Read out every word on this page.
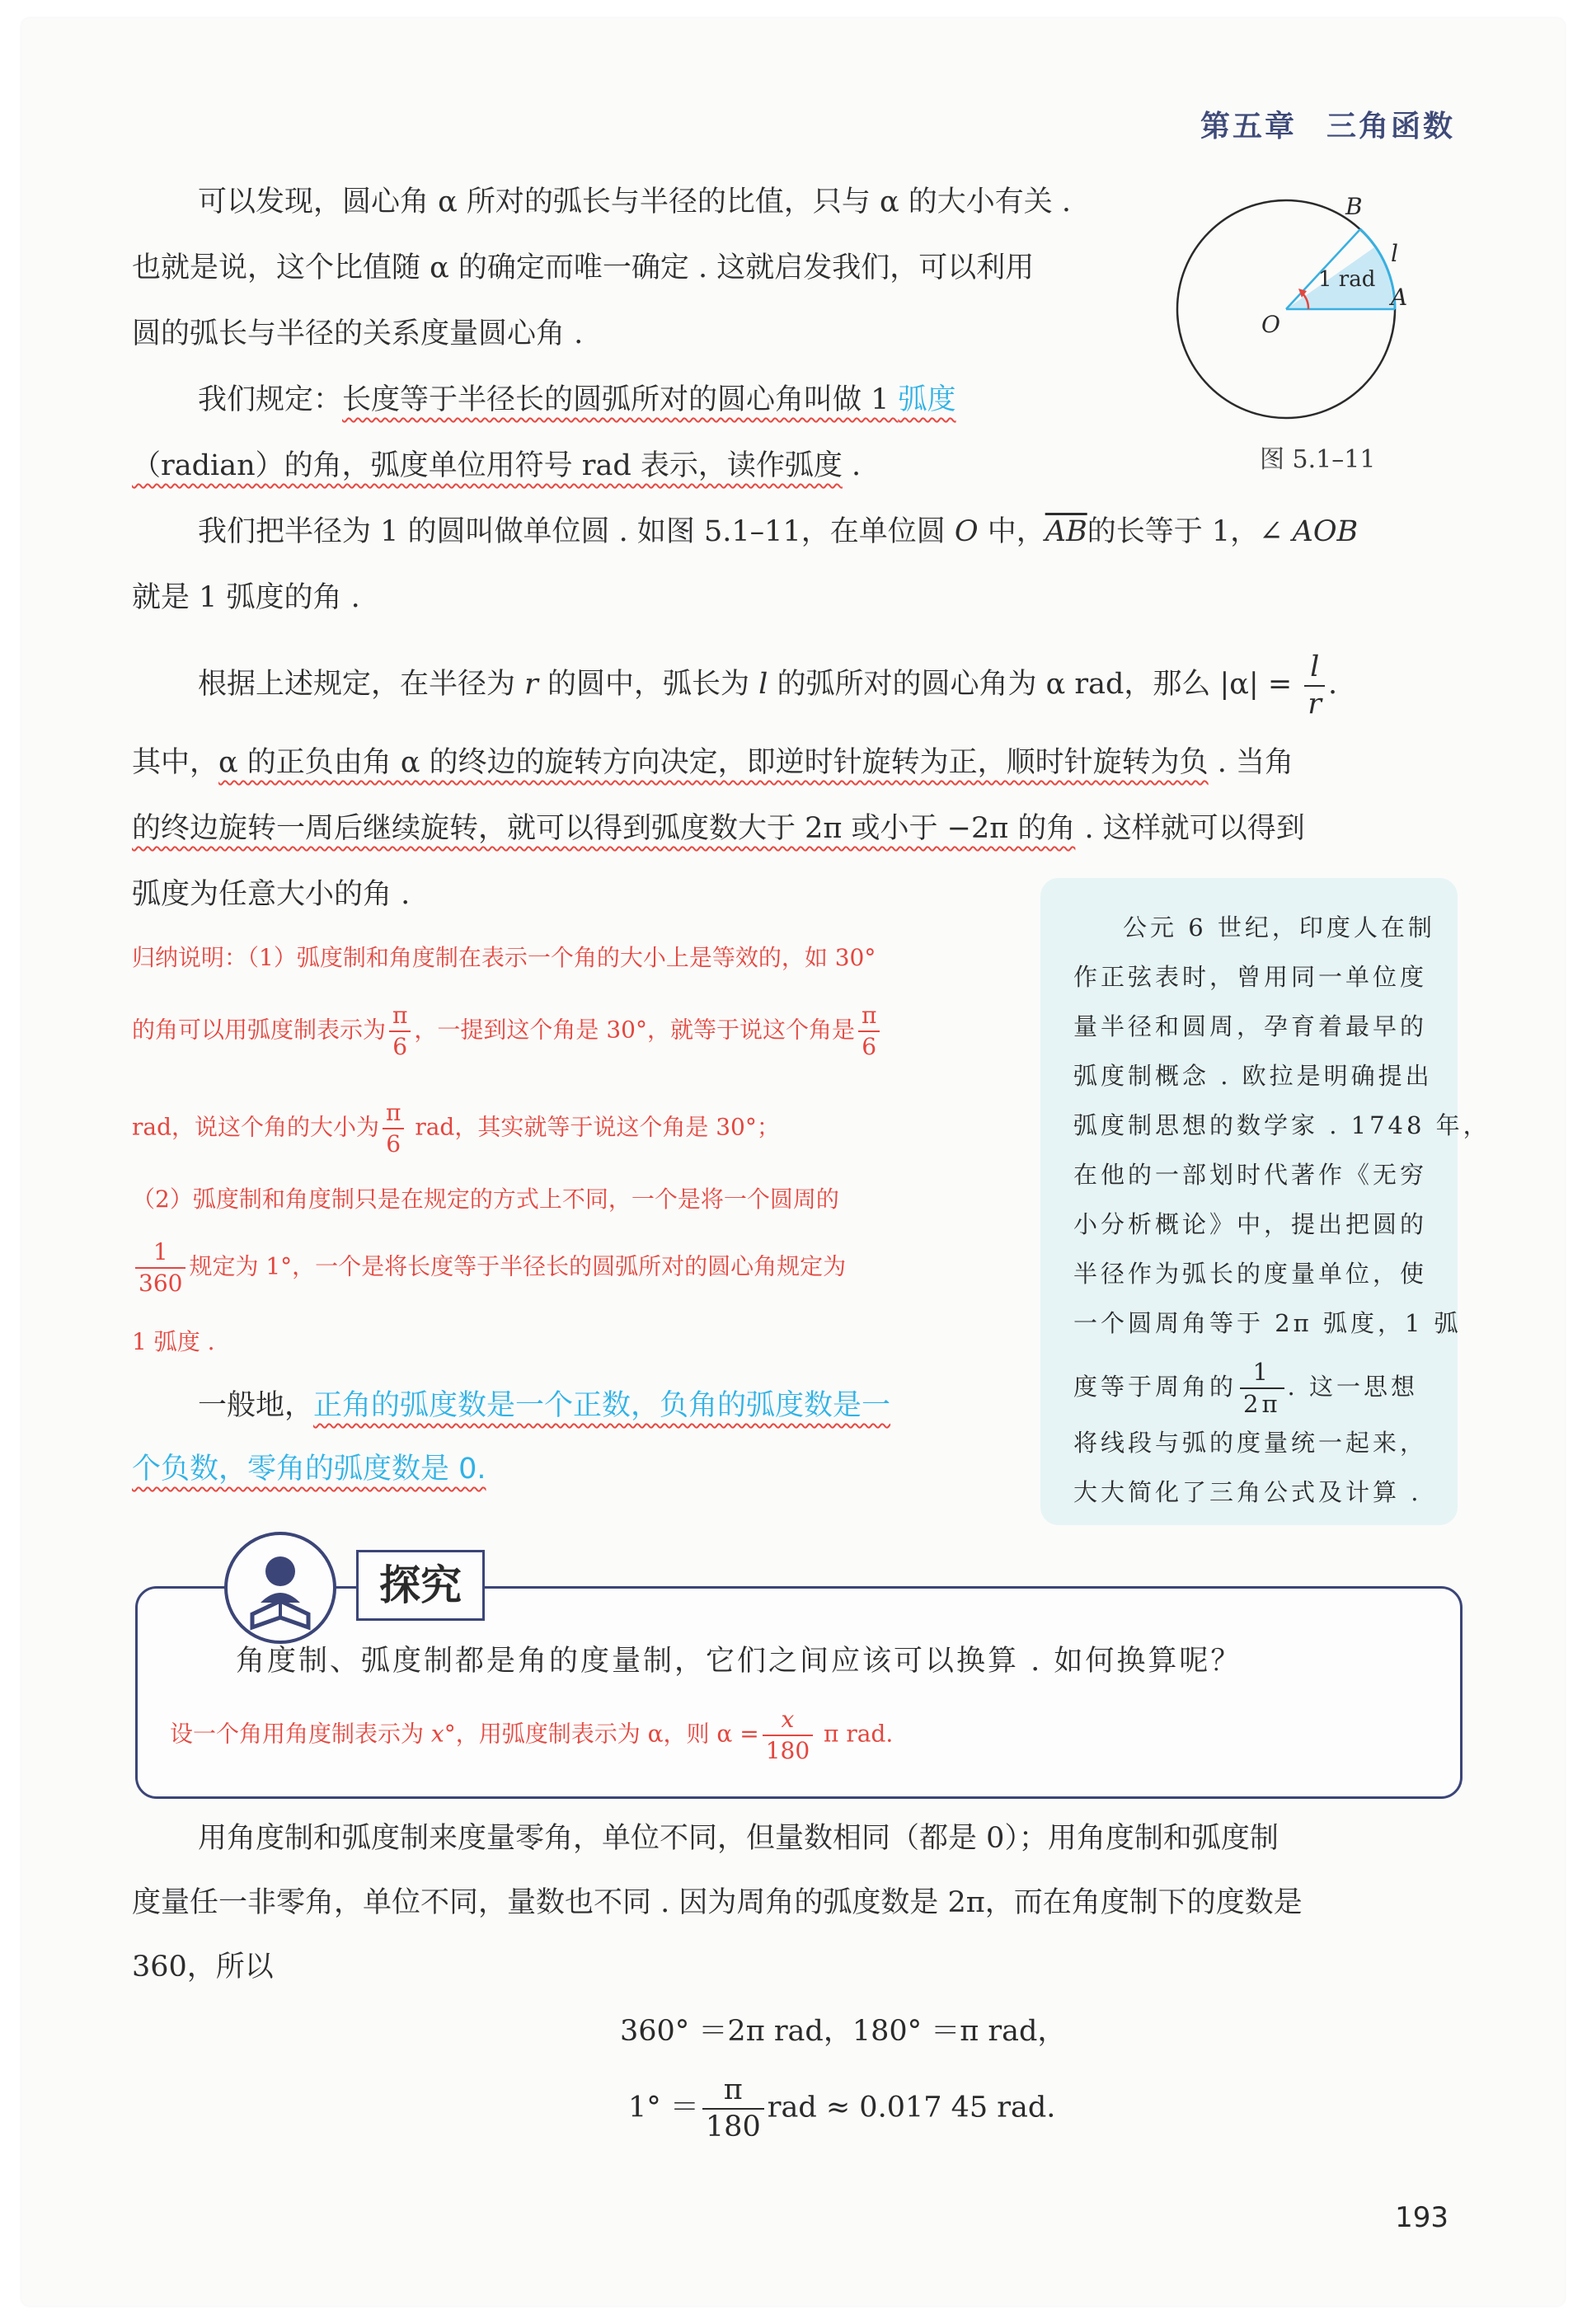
第五章 三角函数
B
l
A
O
1 rad
图 5.1–11
可以发现，圆心角 α 所对的弧长与半径的比值，只与 α 的大小有关 .
也就是说，这个比值随 α 的确定而唯一确定 . 这就启发我们，可以利用
圆的弧长与半径的关系度量圆心角 .
我们规定：长度等于半径长的圆弧所对的圆心角叫做 1 弧度
（radian）的角，弧度单位用符号 rad 表示，读作弧度 .
我们把半径为 1 的圆叫做单位圆 . 如图 5.1–11，在单位圆 O 中，$\overline{AB}$的长等于 1，∠ AOB
就是 1 弧度的角 .
根据上述规定，在半径为 r 的圆中，弧长为 l 的弧所对的圆心角为 α rad，那么 $|\alpha| = \frac{l}{r}$ .
其中，α 的正负由角 α 的终边的旋转方向决定，即逆时针旋转为正，顺时针旋转为负 . 当角
的终边旋转一周后继续旋转，就可以得到弧度数大于 2π 或小于 −2π 的角 . 这样就可以得到
弧度为任意大小的角 .
归纳说明：（1）弧度制和角度制在表示一个角的大小上是等效的，如 30°
的角可以用弧度制表示为 $\frac{\pi}{6}$ ，一提到这个角是 30°，就等于说这个角是 $\frac{\pi}{6}$
rad，说这个角的大小为 $\frac{\pi}{6}$ rad，其实就等于说这个角是 30°；
（2）弧度制和角度制只是在规定的方式上不同，一个是将一个圆周的
$\frac{1}{360}$ 规定为 1°，一个是将长度等于半径长的圆弧所对的圆心角规定为
1 弧度 .
一般地，正角的弧度数是一个正数，负角的弧度数是一
个负数，零角的弧度数是 0.
公元 6 世纪，印度人在制
作正弦表时，曾用同一单位度
量半径和圆周，孕育着最早的
弧度制概念 . 欧拉是明确提出
弧度制思想的数学家 . 1748 年，
在他的一部划时代著作《无穷
小分析概论》中，提出把圆的
半径作为弧长的度量单位，使
一个圆周角等于 2π 弧度，1 弧
度等于周角的 $\frac{1}{2\pi}$ . 这一思想
将线段与弧的度量统一起来，
大大简化了三角公式及计算 .
探究
角度制、弧度制都是角的度量制，它们之间应该可以换算 . 如何换算呢？
设一个角用角度制表示为 x°，用弧度制表示为 α，则 $\alpha = \frac{x}{180}$ π rad.
用角度制和弧度制来度量零角，单位不同，但量数相同（都是 0）；用角度制和弧度制
度量任一非零角，单位不同，量数也不同 . 因为周角的弧度数是 2π，而在角度制下的度数是
360，所以
360° ＝2π rad，180° ＝π rad，
$1^\circ = \frac{\pi}{180}$ rad ≈ 0.017 45 rad.
193
